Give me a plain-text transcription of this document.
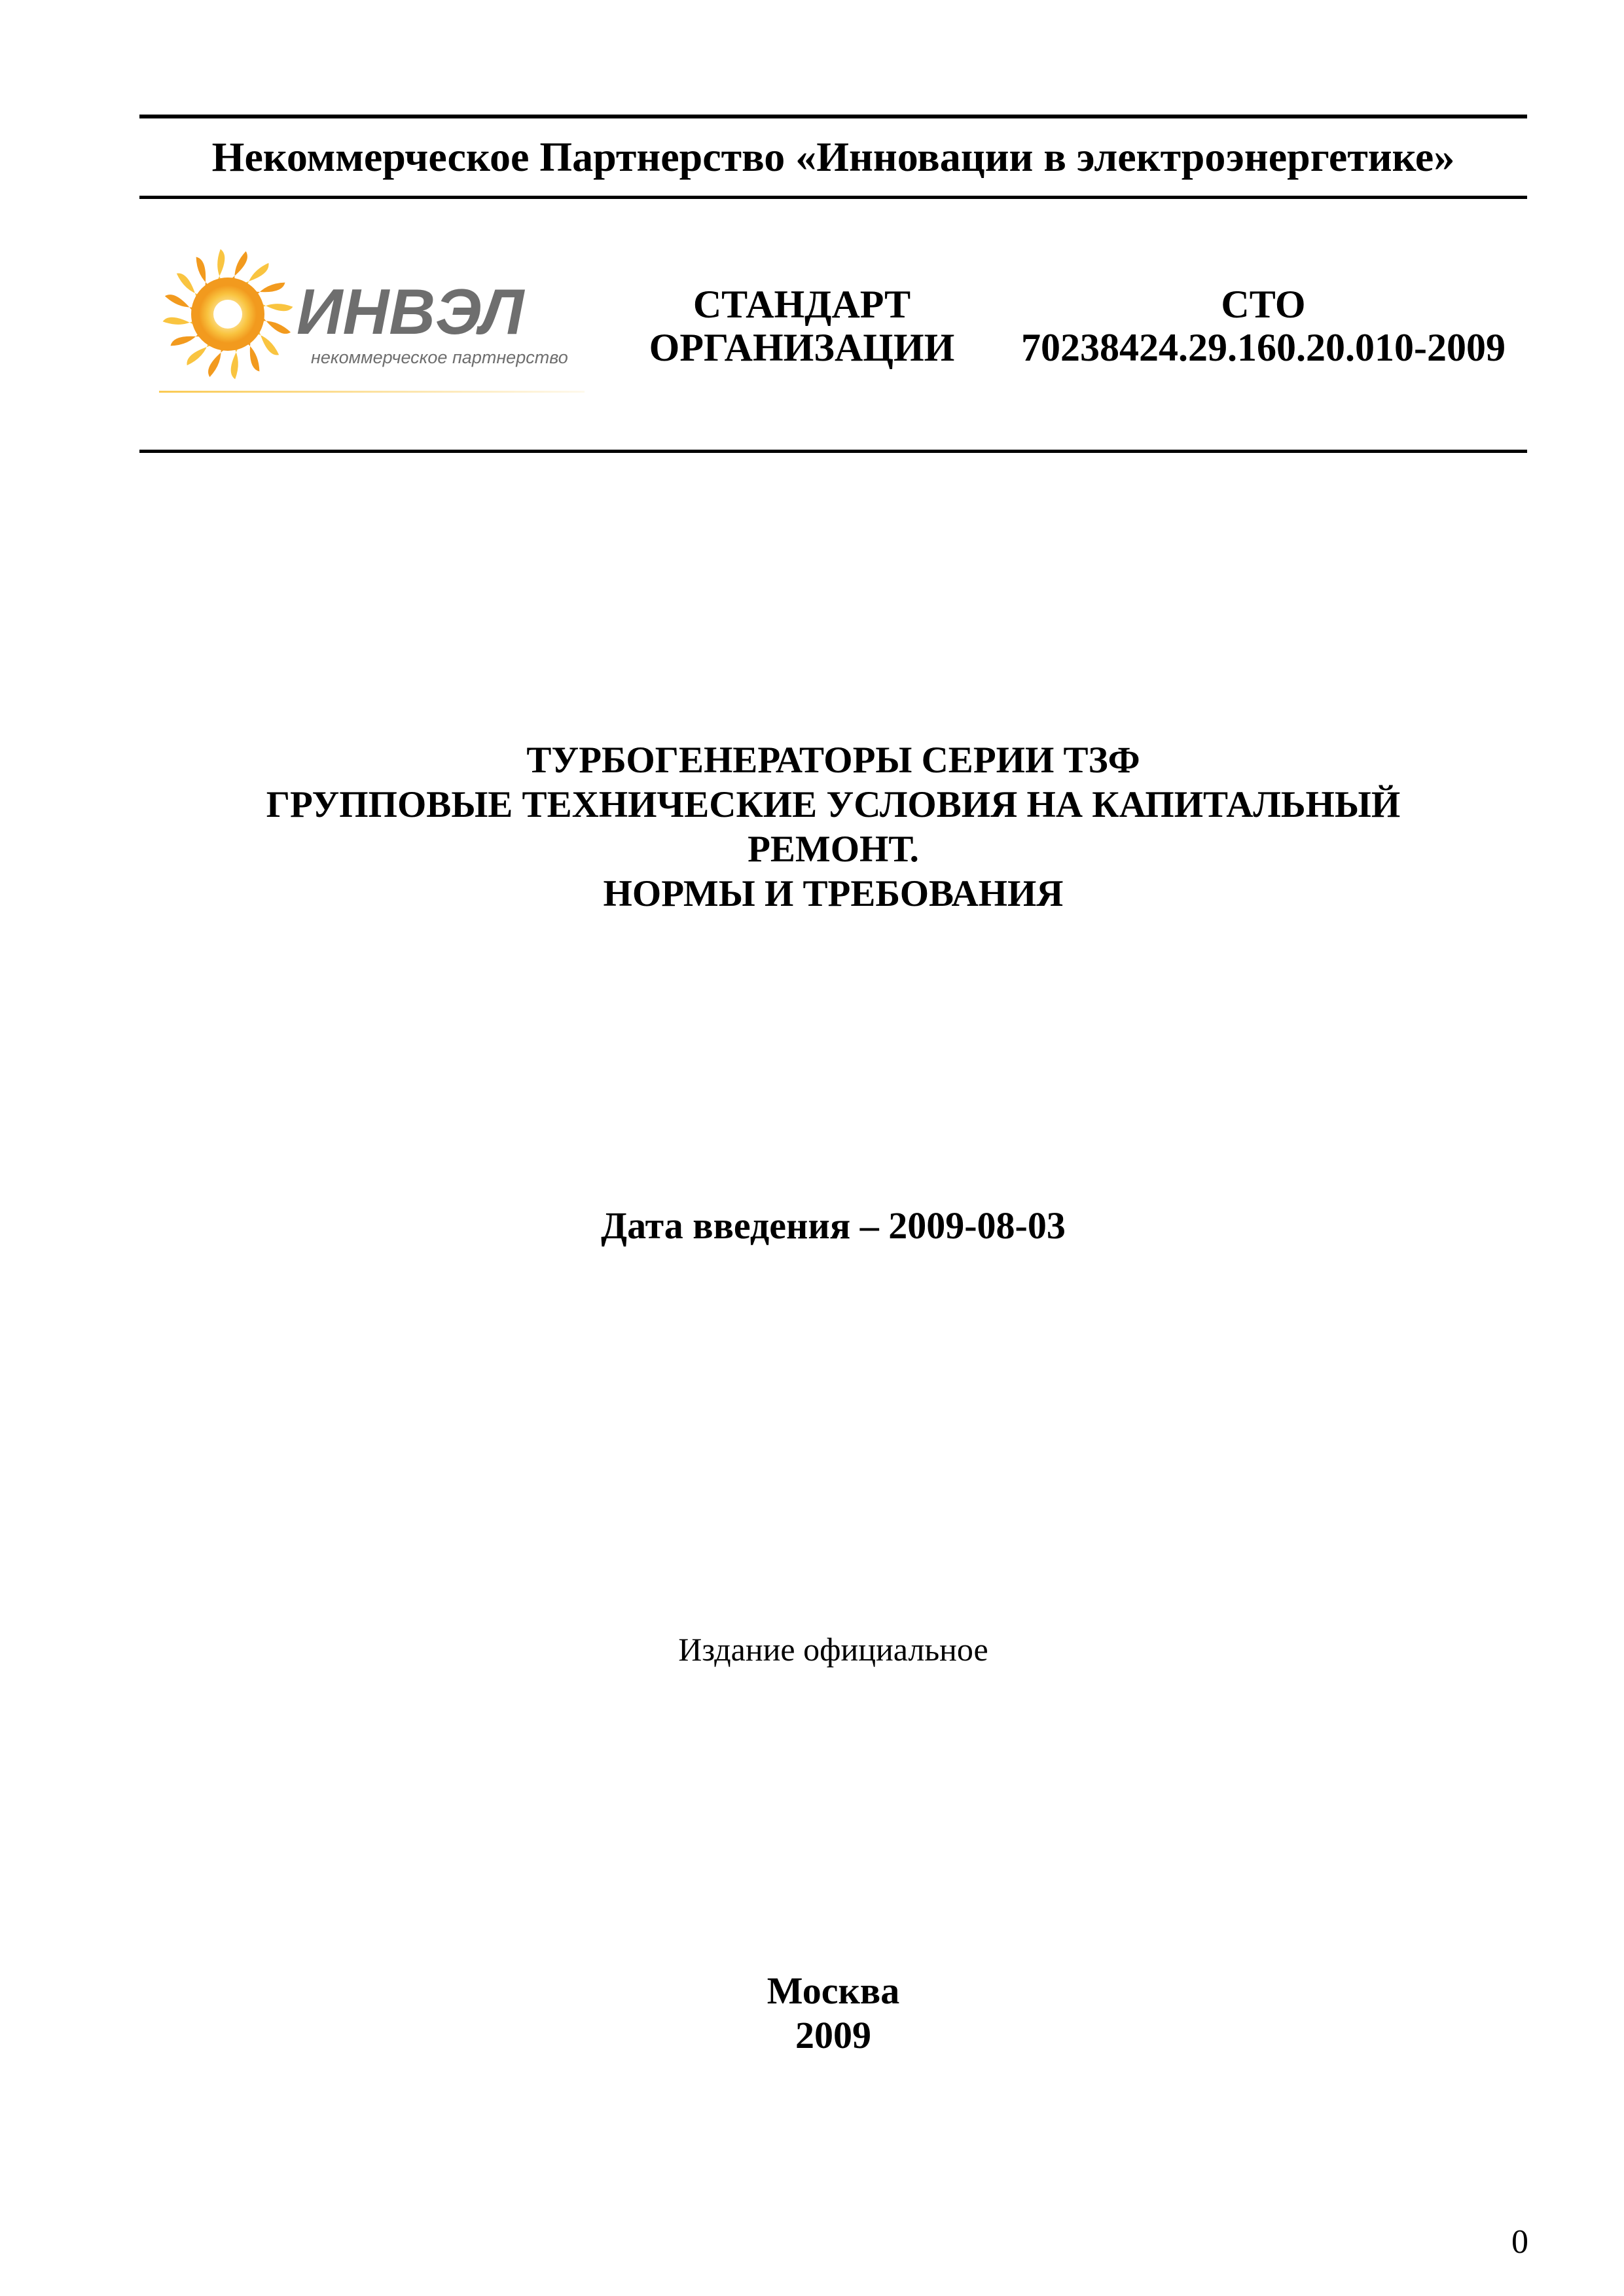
Некоммерческое Партнерство «Инновации в электроэнергетике»
ИНВЭЛ
некоммерческое партнерство
СТАНДАРТ
ОРГАНИЗАЦИИ
СТО
70238424.29.160.20.010-2009
ТУРБОГЕНЕРАТОРЫ СЕРИИ ТЗФ
ГРУППОВЫЕ ТЕХНИЧЕСКИЕ УСЛОВИЯ НА КАПИТАЛЬНЫЙ
РЕМОНТ.
НОРМЫ И ТРЕБОВАНИЯ
Дата введения – 2009-08-03
Издание официальное
Москва
2009
0
